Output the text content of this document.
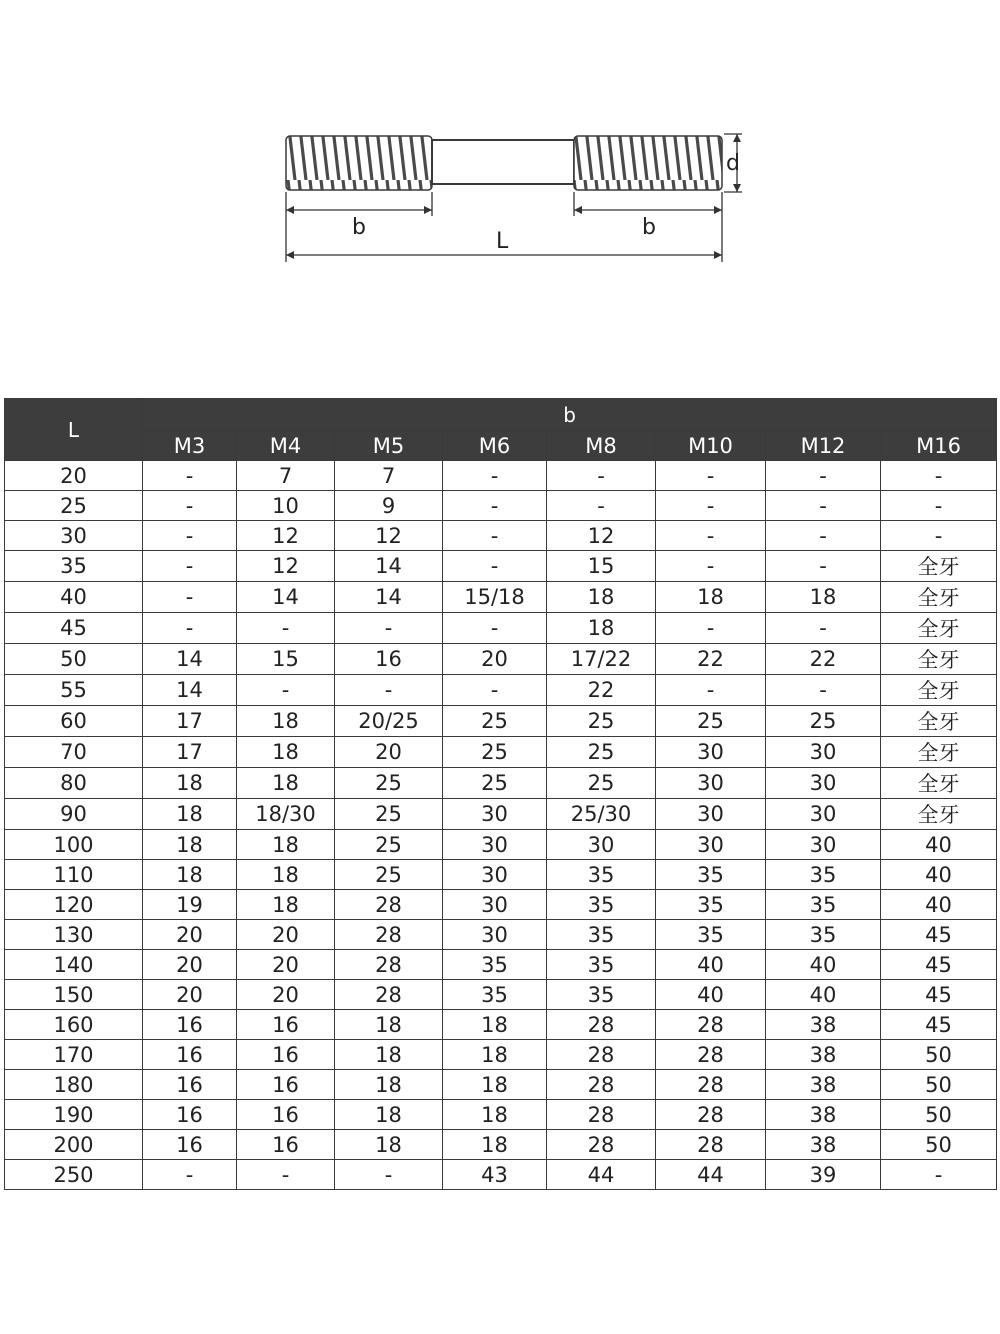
d
b	b
L
L	b							
	M3	M4	M5	M6	M8	M10	M12	M16
20	-	7	7	-	-	-	-	-
25	-	10	9	-	-	-	-	-
30	-	12	12	-	12	-	-	-
35	-	12	14	-	15	-	-	全牙
40	-	14	14	15/18	18	18	18	全牙
45	-	-	-	-	18	-	-	全牙
50	14	15	16	20	17/22	22	22	全牙
55	14	-	-	-	22	-	-	全牙
60	17	18	20/25	25	25	25	25	全牙
70	17	18	20	25	25	30	30	全牙
80	18	18	25	25	25	30	30	全牙
90	18	18/30	25	30	25/30	30	30	全牙
100	18	18	25	30	30	30	30	40
110	18	18	25	30	35	35	35	40
120	19	18	28	30	35	35	35	40
130	20	20	28	30	35	35	35	45
140	20	20	28	35	35	40	40	45
150	20	20	28	35	35	40	40	45
160	16	16	18	18	28	28	38	45
170	16	16	18	18	28	28	38	50
180	16	16	18	18	28	28	38	50
190	16	16	18	18	28	28	38	50
200	16	16	18	18	28	28	38	50
250	-	-	-	43	44	44	39	-
